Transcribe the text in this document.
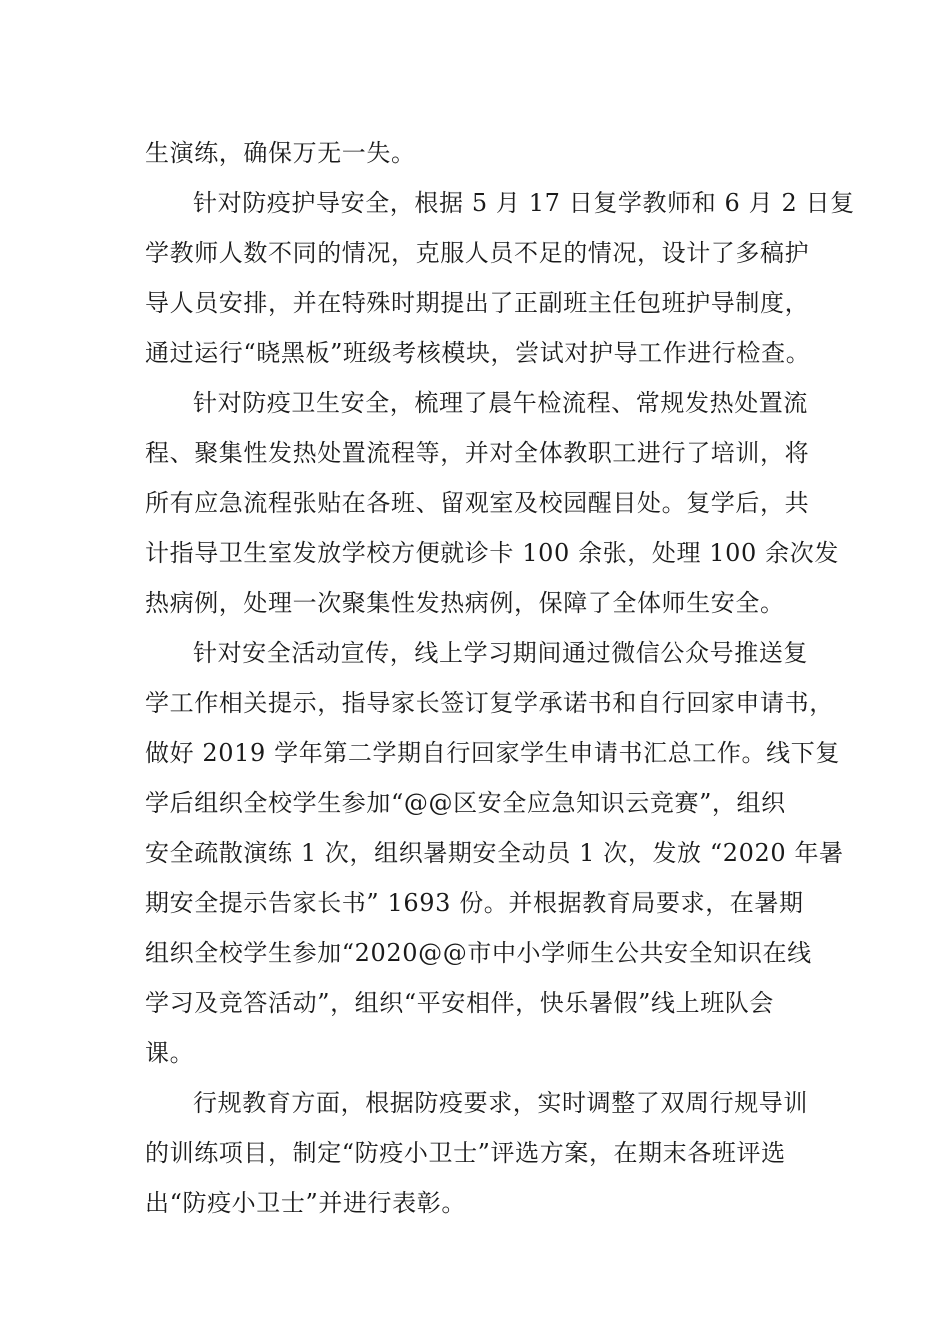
生演练，确保万无一失。
针对防疫护导安全，根据 5 月 17 日复学教师和 6 月 2 日复
学教师人数不同的情况，克服人员不足的情况，设计了多稿护
导人员安排，并在特殊时期提出了正副班主任包班护导制度，
通过运行“晓黑板”班级考核模块，尝试对护导工作进行检查。
针对防疫卫生安全，梳理了晨午检流程、常规发热处置流
程、聚集性发热处置流程等，并对全体教职工进行了培训，将
所有应急流程张贴在各班、留观室及校园醒目处。复学后，共
计指导卫生室发放学校方便就诊卡 100 余张，处理 100 余次发
热病例，处理一次聚集性发热病例，保障了全体师生安全。
针对安全活动宣传，线上学习期间通过微信公众号推送复
学工作相关提示，指导家长签订复学承诺书和自行回家申请书，
做好 2019 学年第二学期自行回家学生申请书汇总工作。线下复
学后组织全校学生参加“@@区安全应急知识云竞赛”，组织
安全疏散演练 1 次，组织暑期安全动员 1 次，发放 “2020 年暑
期安全提示告家长书” 1693 份。并根据教育局要求，在暑期
组织全校学生参加“2020@@市中小学师生公共安全知识在线
学习及竞答活动”，组织“平安相伴，快乐暑假”线上班队会
课。
行规教育方面，根据防疫要求，实时调整了双周行规导训
的训练项目，制定“防疫小卫士”评选方案，在期末各班评选
出“防疫小卫士”并进行表彰。
